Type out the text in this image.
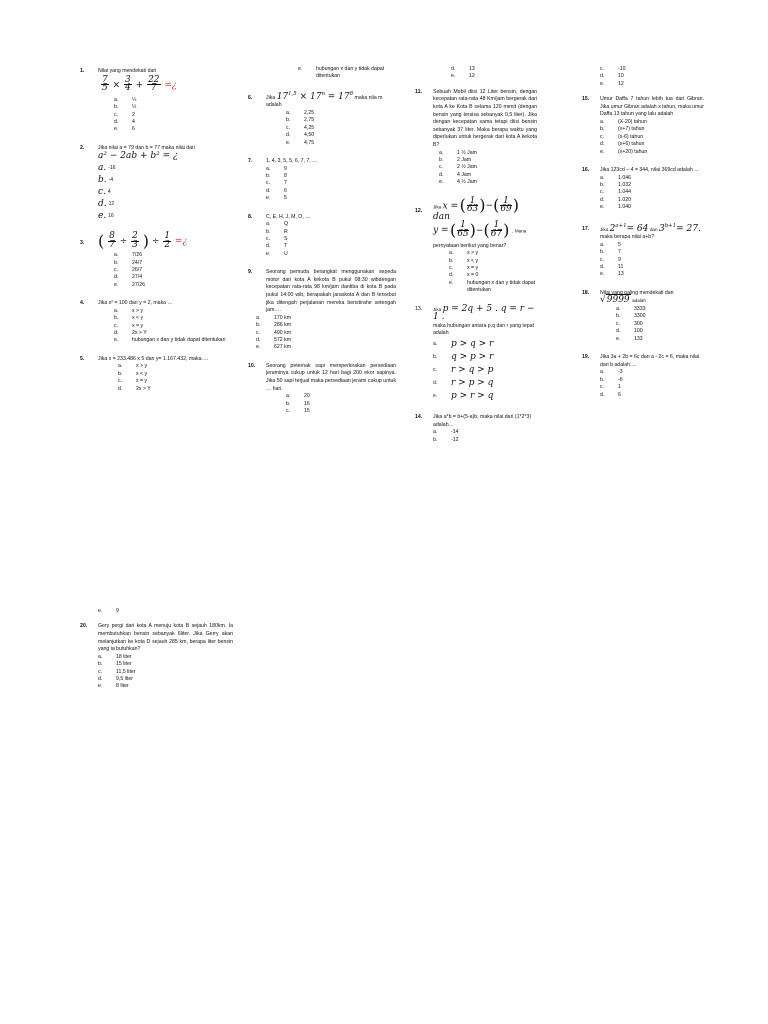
1.	Nilai yang mendekati dari
$\frac{7}{5} \times \frac{3}{4} + \frac{22}{7}$ =¿
a.	¼
b.	½
c.	2
d.	4
e.	6
2.	Jika nilai a = 79 dan b = 77 maka nilai dari
a² − 2ab + b² = ¿
a. -16
b. -4
c. 4
d. 12
e. 16
3. ( $\frac{8}{7} \div \frac{2}{3}$ ) ÷ $\frac{1}{2}$ =¿
a.	7/26
b.	24/7
c.	26/7
d.	27/4
e.	27/26
4.	Jika x² = 100 dan y = 2, maka …
a.	x > y
b.	x < y
c.	x = y
d.	2x > Y
e.	hubungan x dan y tidak dapat ditentukan
5.	Jika x = 233.486 x 5 dan y= 1.167.432, maka….
a.	x > y
b.	x < y
c.	x = y
d.	2x > Y
e.	9
20. Gery pergi dari kota A menuju kota B sejauh 180km. Ia membutuhkan bensin sebanyak 6liter. Jika Gerry akan melanjutkan ke kota D sejauh 285 km, berapa liter bensin yang ia butuhkan?
a.	18 liter
b.	15 liter
c.	11,5 liter
d.	9,5 liter
e.	8 liter
e.	hubungan x dan y tidak dapat ditentukan
6.	Jika $17^{1,5} \times 17^n = 17^8$ maka nila m adalah
a.	2,25
b.	2,75
c.	4,25
d.	4,50
e.	4,75
7.	1, 4, 3, 5, 5, 6, 7, 7, …
a.	9
b.	8
c.	7
d.	6
e.	5
8.	C, E, H, J, M, O, …
a.	Q
b.	R
c.	S
d.	T
e.	U
9.	Seorang pemuda berangkat menggunakan sepeda motor dari kota A kekota B pukul 08:30 wibdengan kecepatan rata-rata 98 km/jam dantiba di kota B pada pukul 14:00 wib, berapakah jaraskota A dan B tersebut jika ditengah perjalanan mereka beristirahe setengah jam….
a.	170 km
b.	286 km
c.	490 km
d.	572 km
e.	627 km
10. Seorang peternak sapi memperkirakan persediaan jeraminya cukup untuk 12 hari bagi 200 ekor sapinya. Jika 50 sapi terjual maka persediaan jerami cukup untuk … hari.
a.	20
b.	16
c.	15
d.	13
e.	12
11. Sebuah Mobil diisi 12 Liter bensin, dengan kecepatan rata-rata 48 Km/jam bergerak dari kota A ke Kota B selama 120 menit (dengan bensin yang tersisa sebanyak 0,5 liter). Jika dengan kecepatan sama tetapi diisi bensin sebanyak 37 liter. Maka berapa waktu yang diperlukan untuk bergerak dari kota A kekota B?
a.	1 ½ Jam
b.	2 Jam
c.	2 ½ Jam
d.	4 Jam
e.	4 ½ Jam
12.
Jika x = ( $\frac{1}{63}$ )−( $\frac{1}{69}$ ) dan
y = ( $\frac{1}{65}$ )−( $\frac{1}{67}$ ) , Mana
pernyataan berikut yang benar?
a.	x > y
b.	x < y
c.	x = y
d.	x = 0
e.	hubungan x dan y tidak dapat ditentukan
13. Jika p = 2q + 5 . q = r − 1 .
maka hubungan antara p,q dan r yang tepat adalah
a.	p > q > r
b.	q > p > r
c.	r > q > p
d.	r > p > q
e.	p > r > q
14. Jika a*b = b+(5-a)b, maka nilai dari (1*2*3) adalah…
a.	-14
b.	-12
c.	-10
d.	10
e.	12
15. Umur Daffa 7 tahun lebih tua dari Gibran. Jika umur Gibran adalah x tahun, maka umur Daffa 13 tahun yang lalu adalah
a.	(X-20) tahun
b.	(x+7) tahun
c.	(x-6) tahun
d.	(x+6) tahun
e.	(x+20) tahun
16. Jika 123cd – 4 = 344, nilai 369cd adalah …
a.	1.046
b.	1.032
c.	1.044
d.	1.020
e.	1.040
17. Jika $2^{a+1}= 64$ dan $3^{b+1}= 27$.
maka berapa nilai a+b?
a.	5
b.	7
c.	9
d.	11
e.	13
18. Nilai yang paling mendekati dari
√9999 adalah
a.	3333
b.	3300
c.	300
d.	100
e.	133
19. Jika 3a + 2b = 6c dan a - 2c = 6, maka nilai dari b adalah….
a.	-3
b.	-6
c.	1
d.	6
